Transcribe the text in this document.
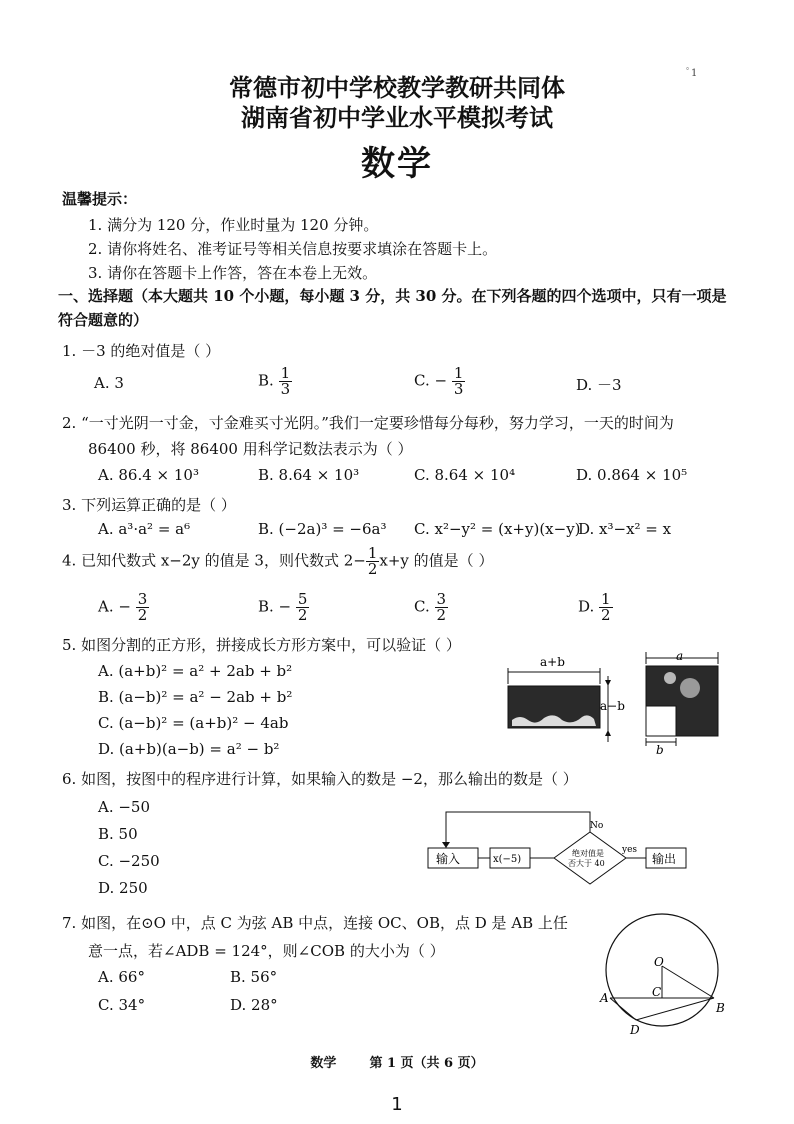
ﾟ1
常德市初中学校教学教研共同体
湖南省初中学业水平模拟考试
数学
温馨提示：
1. 满分为 120 分，作业时量为 120 分钟。
2. 请你将姓名、准考证号等相关信息按要求填涂在答题卡上。
3. 请你在答题卡上作答，答在本卷上无效。
一、选择题（本大题共 10 个小题，每小题 3 分，共 30 分。在下列各题的四个选项中，只有一项是
符合题意的）
1. －3 的绝对值是（ ）
A. 3	B. $\frac{1}{3}$	C. − $\frac{1}{3}$	D. －3
2. “一寸光阴一寸金，寸金难买寸光阴。”我们一定要珍惜每分每秒，努力学习，一天的时间为
86400 秒，将 86400 用科学记数法表示为（ ）
A. 86.4 × 10³	B. 8.64 × 10³	C. 8.64 × 10⁴	D. 0.864 × 10⁵
3. 下列运算正确的是（ ）
A. a³·a² = a⁶	B. (−2a)³ = −6a³ C. x²−y² = (x+y)(x−y)
D. x³−x² = x
4. 已知代数式 x−2y 的值是 3，则代数式 $2- \frac{1}{2} x+y$ 的值是（ ）
A. − $\frac{3}{2}$	B. − $\frac{5}{2}$	C. $\frac{3}{2}$	D. $\frac{1}{2}$
5. 如图分割的正方形，拼接成长方形方案中，可以验证（ ）
A. (a+b)² = a² + 2ab + b²
B. (a−b)² = a² − 2ab + b²
C. (a−b)² = (a+b)² − 4ab
D. (a+b)(a−b) = a² − b²
a+b
a−b
a
b
6. 如图，按图中的程序进行计算，如果输入的数是 −2，那么输出的数是（ ）
A. −50
B. 50
C. −250
D. 250
输入	x(−5)
绝对值是
否大于 40
yes
输出
No
7. 如图，在⊙O 中，点 C 为弦 AB 中点，连接 OC、OB，点 D 是 AB 上任
意一点，若∠ADB = 124°，则∠COB 的大小为（ ）
A. 66°	B. 56°
C. 34°	D. 28°
O
C
A
B
D
数学	第 1 页（共 6 页）
1
